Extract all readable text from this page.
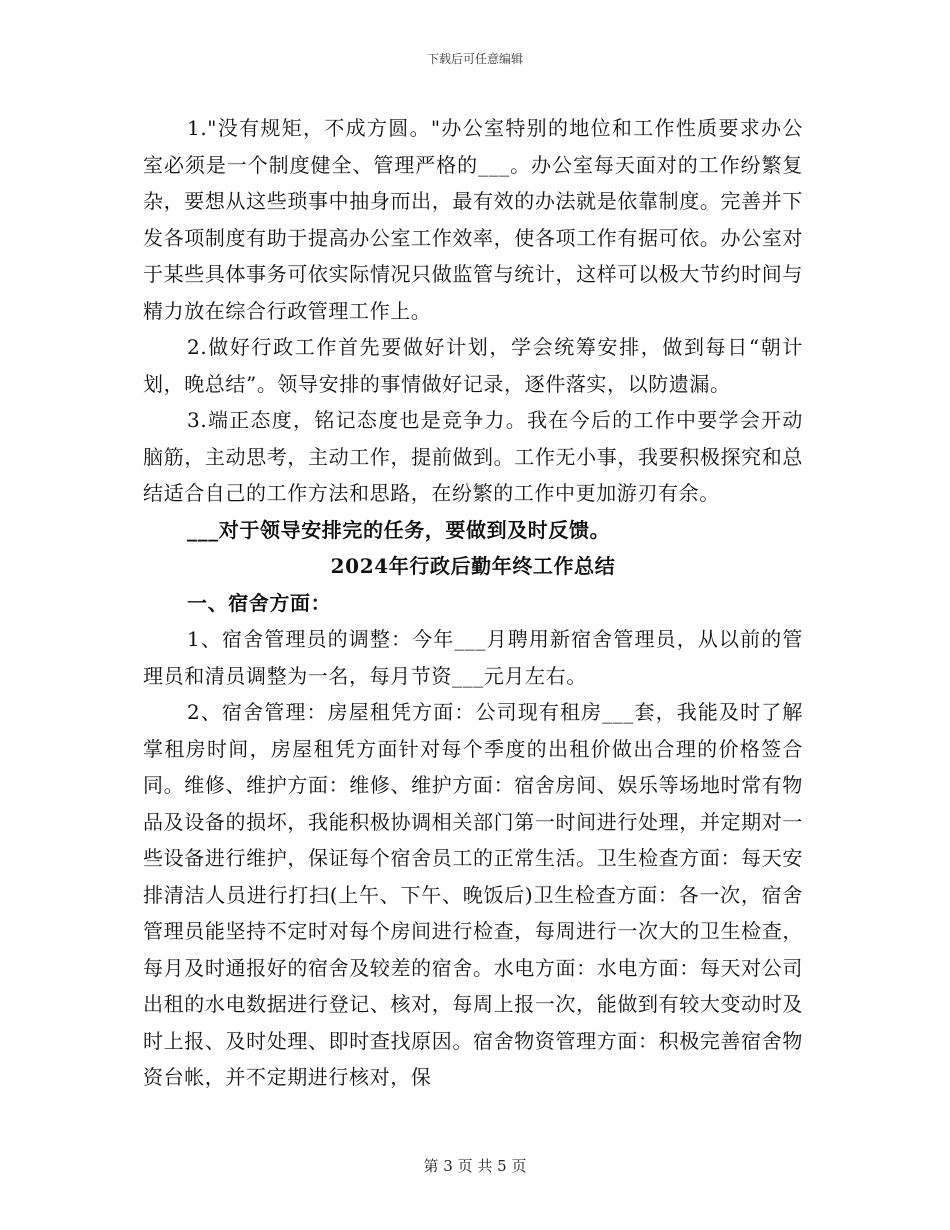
下载后可任意编辑

1."没有规矩，不成方圆。"办公室特别的地位和工作性质要求办公室必须是一个制度健全、管理严格的___。办公室每天面对的工作纷繁复杂，要想从这些琐事中抽身而出，最有效的办法就是依靠制度。完善并下发各项制度有助于提高办公室工作效率，使各项工作有据可依。办公室对于某些具体事务可依实际情况只做监管与统计，这样可以极大节约时间与精力放在综合行政管理工作上。

2.做好行政工作首先要做好计划，学会统筹安排，做到每日“朝计划，晚总结”。领导安排的事情做好记录，逐件落实，以防遗漏。

3.端正态度，铭记态度也是竞争力。我在今后的工作中要学会开动脑筋，主动思考，主动工作，提前做到。工作无小事，我要积极探究和总结适合自己的工作方法和思路，在纷繁的工作中更加游刃有余。

___对于领导安排完的任务，要做到及时反馈。

2024年行政后勤年终工作总结

一、宿舍方面：

1、宿舍管理员的调整：今年___月聘用新宿舍管理员，从以前的管理员和清员调整为一名，每月节资___元月左右。

2、宿舍管理：房屋租凭方面：公司现有租房___套，我能及时了解掌租房时间，房屋租凭方面针对每个季度的出租价做出合理的价格签合同。维修、维护方面：维修、维护方面：宿舍房间、娱乐等场地时常有物品及设备的损坏，我能积极协调相关部门第一时间进行处理，并定期对一些设备进行维护，保证每个宿舍员工的正常生活。卫生检查方面：每天安排清洁人员进行打扫(上午、下午、晚饭后)卫生检查方面：各一次，宿舍管理员能坚持不定时对每个房间进行检查，每周进行一次大的卫生检查，每月及时通报好的宿舍及较差的宿舍。水电方面：水电方面：每天对公司出租的水电数据进行登记、核对，每周上报一次，能做到有较大变动时及时上报、及时处理、即时查找原因。宿舍物资管理方面：积极完善宿舍物资台帐，并不定期进行核对，保

第 3 页 共 5 页
